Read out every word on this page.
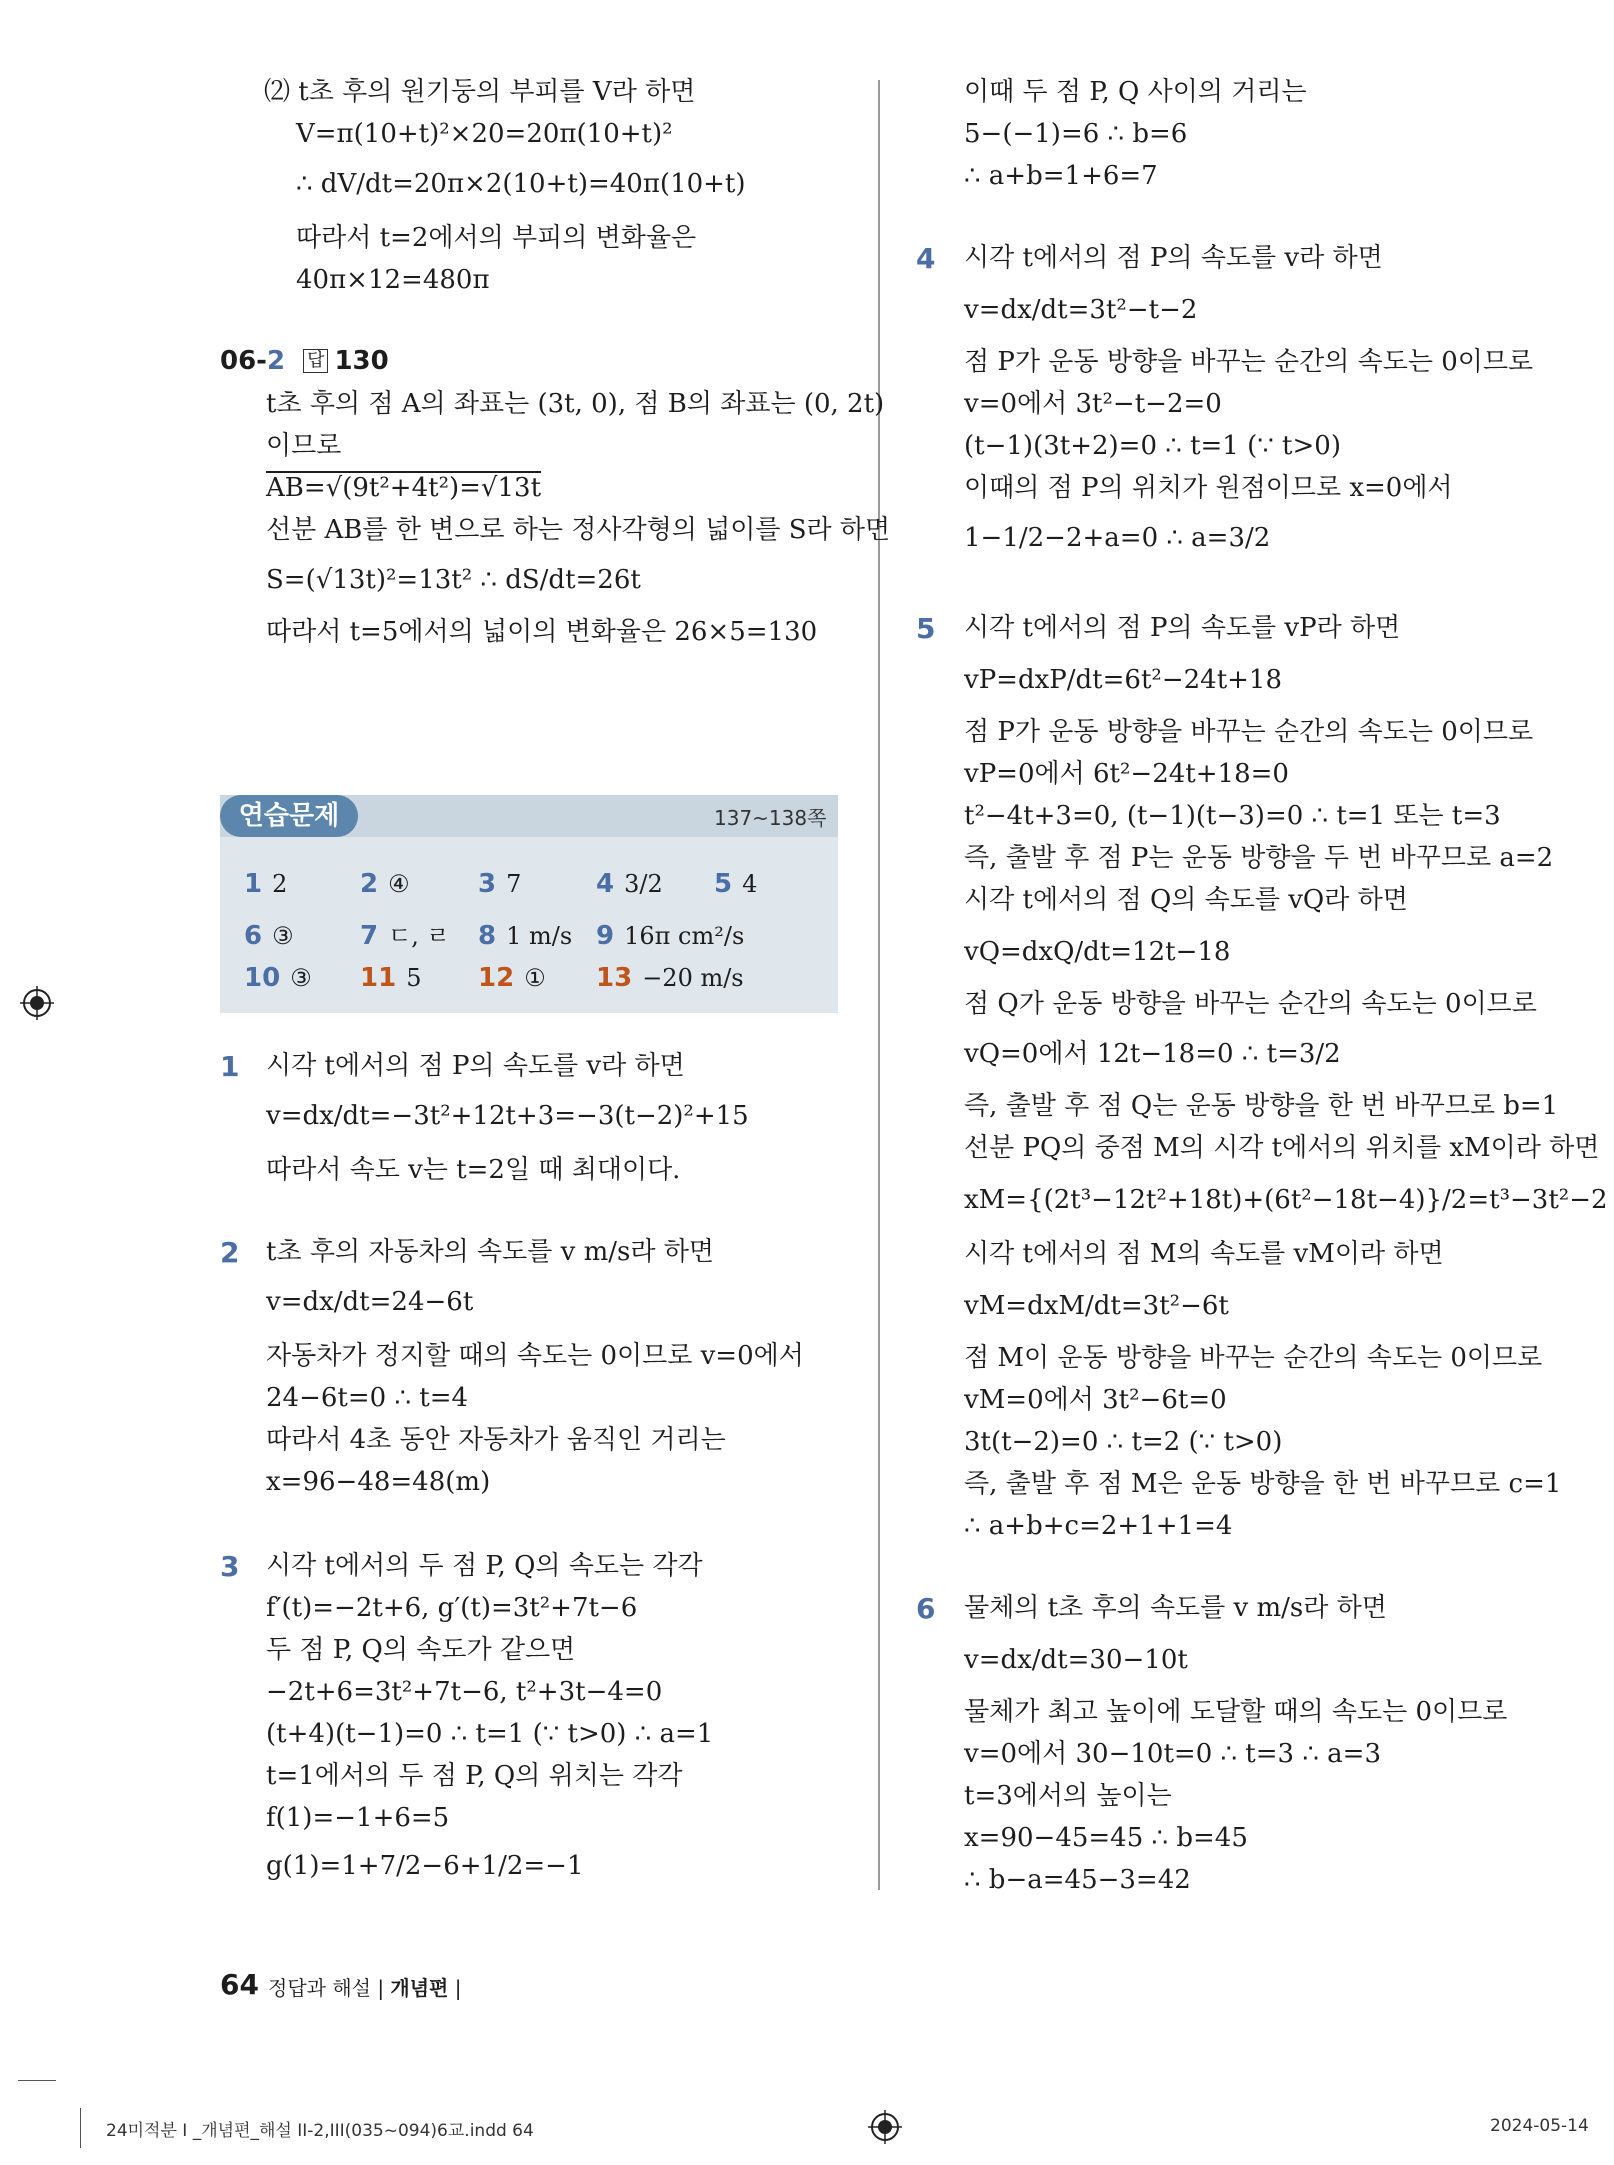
⑵ t초 후의 원기둥의 부피를 V라 하면
V=π(10+t)²×20=20π(10+t)²
∴ dV/dt=20π×2(10+t)=40π(10+t)
따라서 t=2에서의 부피의 변화율은
40π×12=480π
06-2 답 130
t초 후의 점 A의 좌표는 (3t, 0), 점 B의 좌표는 (0, 2t)
이므로
AB=√(9t²+4t²)=√13t
선분 AB를 한 변으로 하는 정사각형의 넓이를 S라 하면
S=(√13t)²=13t² ∴ dS/dt=26t
따라서 t=5에서의 넓이의 변화율은 26×5=130
연습문제	137~138쪽
1 2	2 ④	3 7	4 3/2 5 4
6 ③	7 ㄷ, ㄹ 8 1 m/s 9 16π cm²/s
10 ③ 11 5 12 ① 13 −20 m/s
1 시각 t에서의 점 P의 속도를 v라 하면
v=dx/dt=−3t²+12t+3=−3(t−2)²+15
따라서 속도 v는 t=2일 때 최대이다.
2 t초 후의 자동차의 속도를 v m/s라 하면
v=dx/dt=24−6t
자동차가 정지할 때의 속도는 0이므로 v=0에서
24−6t=0 ∴ t=4
따라서 4초 동안 자동차가 움직인 거리는
x=96−48=48(m)
3 시각 t에서의 두 점 P, Q의 속도는 각각
f′(t)=−2t+6, g′(t)=3t²+7t−6
두 점 P, Q의 속도가 같으면
−2t+6=3t²+7t−6, t²+3t−4=0
(t+4)(t−1)=0 ∴ t=1 (∵ t>0) ∴ a=1
t=1에서의 두 점 P, Q의 위치는 각각
f(1)=−1+6=5
g(1)=1+7/2−6+1/2=−1
이때 두 점 P, Q 사이의 거리는
5−(−1)=6 ∴ b=6
∴ a+b=1+6=7
4 시각 t에서의 점 P의 속도를 v라 하면
v=dx/dt=3t²−t−2
점 P가 운동 방향을 바꾸는 순간의 속도는 0이므로
v=0에서 3t²−t−2=0
(t−1)(3t+2)=0 ∴ t=1 (∵ t>0)
이때의 점 P의 위치가 원점이므로 x=0에서
1−1/2−2+a=0 ∴ a=3/2
5 시각 t에서의 점 P의 속도를 vP라 하면
vP=dxP/dt=6t²−24t+18
점 P가 운동 방향을 바꾸는 순간의 속도는 0이므로
vP=0에서 6t²−24t+18=0
t²−4t+3=0, (t−1)(t−3)=0 ∴ t=1 또는 t=3
즉, 출발 후 점 P는 운동 방향을 두 번 바꾸므로 a=2
시각 t에서의 점 Q의 속도를 vQ라 하면
vQ=dxQ/dt=12t−18
점 Q가 운동 방향을 바꾸는 순간의 속도는 0이므로
vQ=0에서 12t−18=0 ∴ t=3/2
즉, 출발 후 점 Q는 운동 방향을 한 번 바꾸므로 b=1
선분 PQ의 중점 M의 시각 t에서의 위치를 xM이라 하면
xM={(2t³−12t²+18t)+(6t²−18t−4)}/2=t³−3t²−2
시각 t에서의 점 M의 속도를 vM이라 하면
vM=dxM/dt=3t²−6t
점 M이 운동 방향을 바꾸는 순간의 속도는 0이므로
vM=0에서 3t²−6t=0
3t(t−2)=0 ∴ t=2 (∵ t>0)
즉, 출발 후 점 M은 운동 방향을 한 번 바꾸므로 c=1
∴ a+b+c=2+1+1=4
6 물체의 t초 후의 속도를 v m/s라 하면
v=dx/dt=30−10t
물체가 최고 높이에 도달할 때의 속도는 0이므로
v=0에서 30−10t=0 ∴ t=3 ∴ a=3
t=3에서의 높이는
x=90−45=45 ∴ b=45
∴ b−a=45−3=42
64 정답과 해설 | 개념편 |
24미적분 I _개념편_해설 II-2,III(035~094)6교.indd 64	2024-05-14
